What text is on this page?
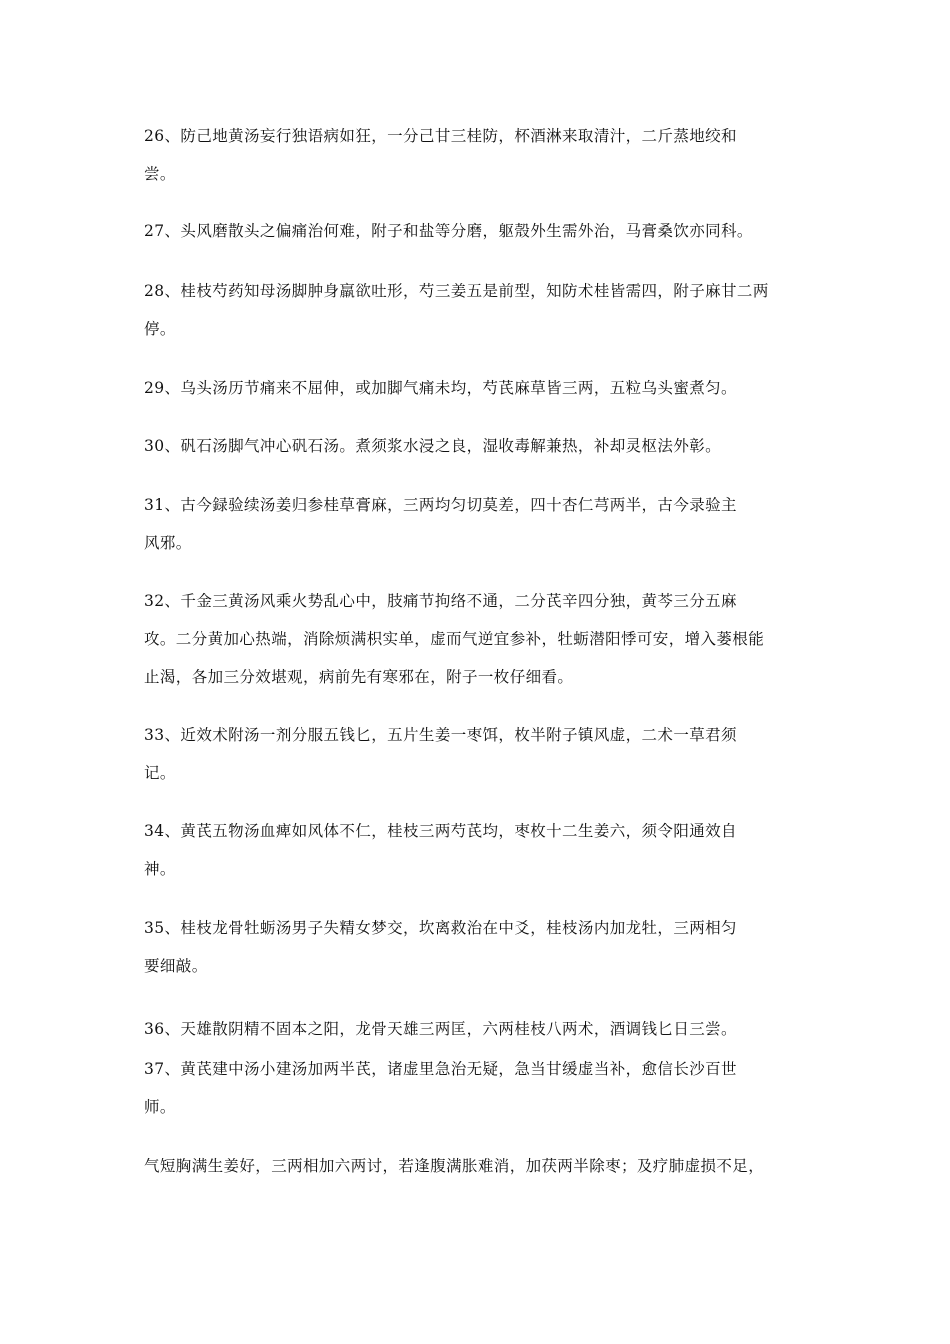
26、防己地黄汤妄行独语病如狂，一分己甘三桂防，杯酒淋来取清汁，二斤蒸地绞和
尝。
27、头风磨散头之偏痛治何难，附子和盐等分磨，躯殼外生需外治，马膏桑饮亦同科。
28、桂枝芍药知母汤脚肿身羸欲吐形，芍三姜五是前型，知防术桂皆需四，附子麻甘二两
停。
29、乌头汤历节痛来不屈伸，或加脚气痛未均，芍芪麻草皆三两，五粒乌头蜜煮匀。
30、矾石汤脚气冲心矾石汤。煮须浆水浸之良，湿收毒解兼热，补却灵枢法外彰。
31、古今録验续汤姜归参桂草膏麻，三两均匀切莫差，四十杏仁芎两半，古今录验主
风邪。
32、千金三黄汤风乘火势乱心中，肢痛节拘络不通，二分芪辛四分独，黄芩三分五麻
攻。二分黄加心热端，消除烦满枳实单，虚而气逆宜参补，牡蛎潜阳悸可安，增入蒌根能
止渴，各加三分效堪观，病前先有寒邪在，附子一枚仔细看。
33、近效术附汤一剂分服五钱匕，五片生姜一枣饵，枚半附子镇风虚，二术一草君须
记。
34、黄芪五物汤血痺如风体不仁，桂枝三两芍芪均，枣枚十二生姜六，须令阳通效自
神。
35、桂枝龙骨牡蛎汤男子失精女梦交，坎离救治在中爻，桂枝汤内加龙牡，三两相匀
要细敲。
36、天雄散阴精不固本之阳，龙骨天雄三两匡，六两桂枝八两术，酒调钱匕日三尝。
37、黄芪建中汤小建汤加两半芪，诸虚里急治无疑，急当甘缓虚当补，愈信长沙百世
师。
气短胸满生姜好，三两相加六两讨，若逢腹满胀难消，加茯两半除枣；及疗肺虚损不足，
